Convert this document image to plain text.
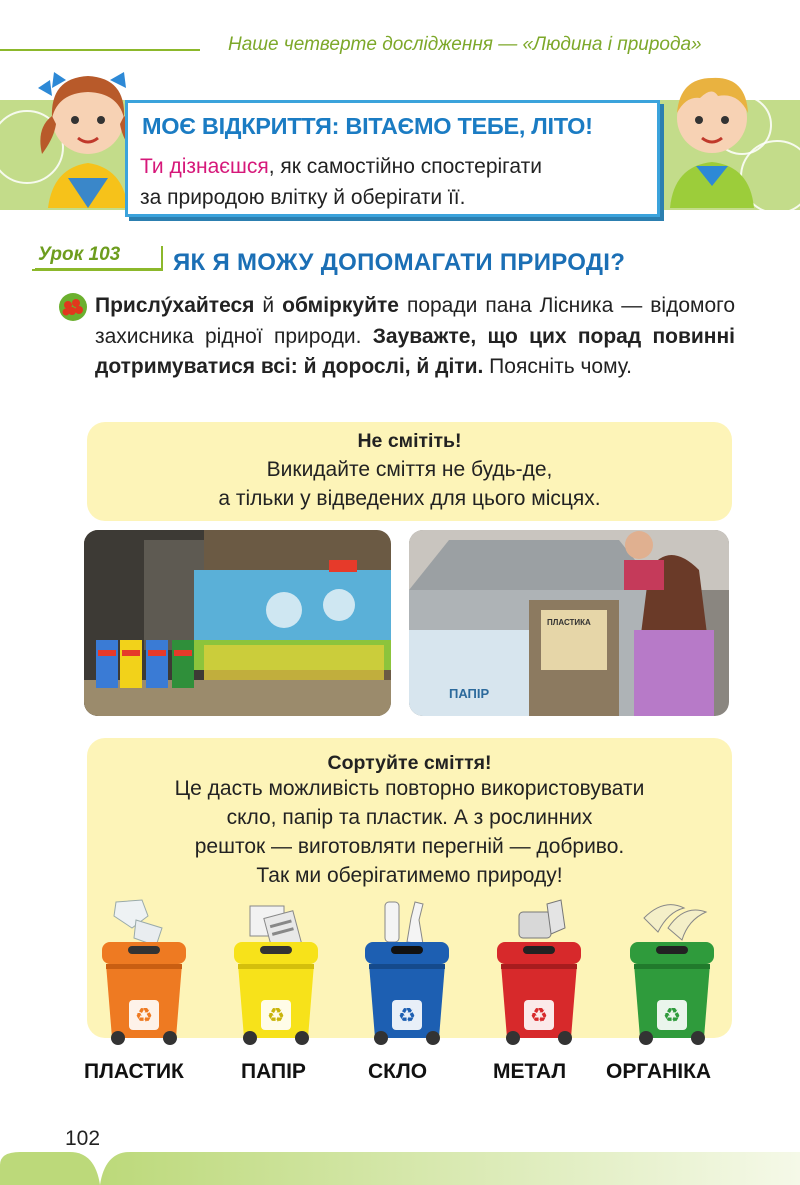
Наше четверте дослідження — «Людина і природа»
МОЄ ВІДКРИТТЯ: ВІТАЄМО ТЕБЕ, ЛІТО!
Ти дізнаєшся, як самостійно спостерігати
за природою влітку й оберігати її.
Урок 103 ЯК Я МОЖУ ДОПОМАГАТИ ПРИРОДІ?
Прислýхайтеся й обміркуйте поради пана Лісника — відомого захисника рідної природи. Зауважте, що цих порад повинні дотримуватися всі: й дорослі, й діти. Поясніть чому.
Не смітіть!
Викидайте сміття не будь-де,
а тільки у відведених для цього місцях.
ПАПІР
ПЛАСТИКА
Сортуйте сміття!
Це дасть можливість повторно використовувати
скло, папір та пластик. А з рослинних
решток — виготовляти перегній — добриво.
Так ми оберігатимемо природу!
♻	♻	♻	♻	♻
ПЛАСТИК	ПАПІР	СКЛО	МЕТАЛ ОРГАНІКА
102
